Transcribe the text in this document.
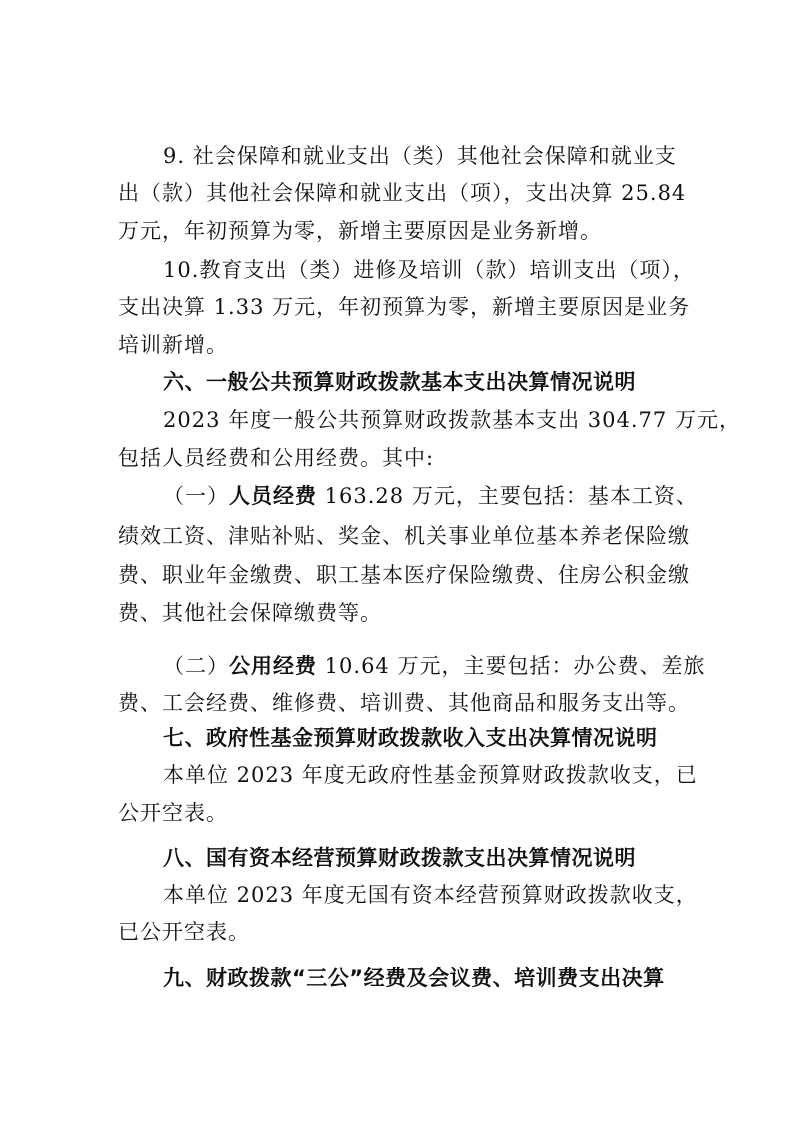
9. 社会保障和就业支出（类）其他社会保障和就业支
出（款）其他社会保障和就业支出（项），支出决算 25.84
万元，年初预算为零，新增主要原因是业务新增。
10.教育支出（类）进修及培训（款）培训支出（项），
支出决算 1.33 万元，年初预算为零，新增主要原因是业务
培训新增。
六、一般公共预算财政拨款基本支出决算情况说明
2023 年度一般公共预算财政拨款基本支出 304.77 万元，
包括人员经费和公用经费。其中:
（一）人员经费 163.28 万元，主要包括：基本工资、
绩效工资、津贴补贴、奖金、机关事业单位基本养老保险缴
费、职业年金缴费、职工基本医疗保险缴费、住房公积金缴
费、其他社会保障缴费等。
（二）公用经费 10.64 万元，主要包括：办公费、差旅
费、工会经费、维修费、培训费、其他商品和服务支出等。
七、政府性基金预算财政拨款收入支出决算情况说明
本单位 2023 年度无政府性基金预算财政拨款收支，已
公开空表。
八、国有资本经营预算财政拨款支出决算情况说明
本单位 2023 年度无国有资本经营预算财政拨款收支，
已公开空表。
九、财政拨款“三公”经费及会议费、培训费支出决算
